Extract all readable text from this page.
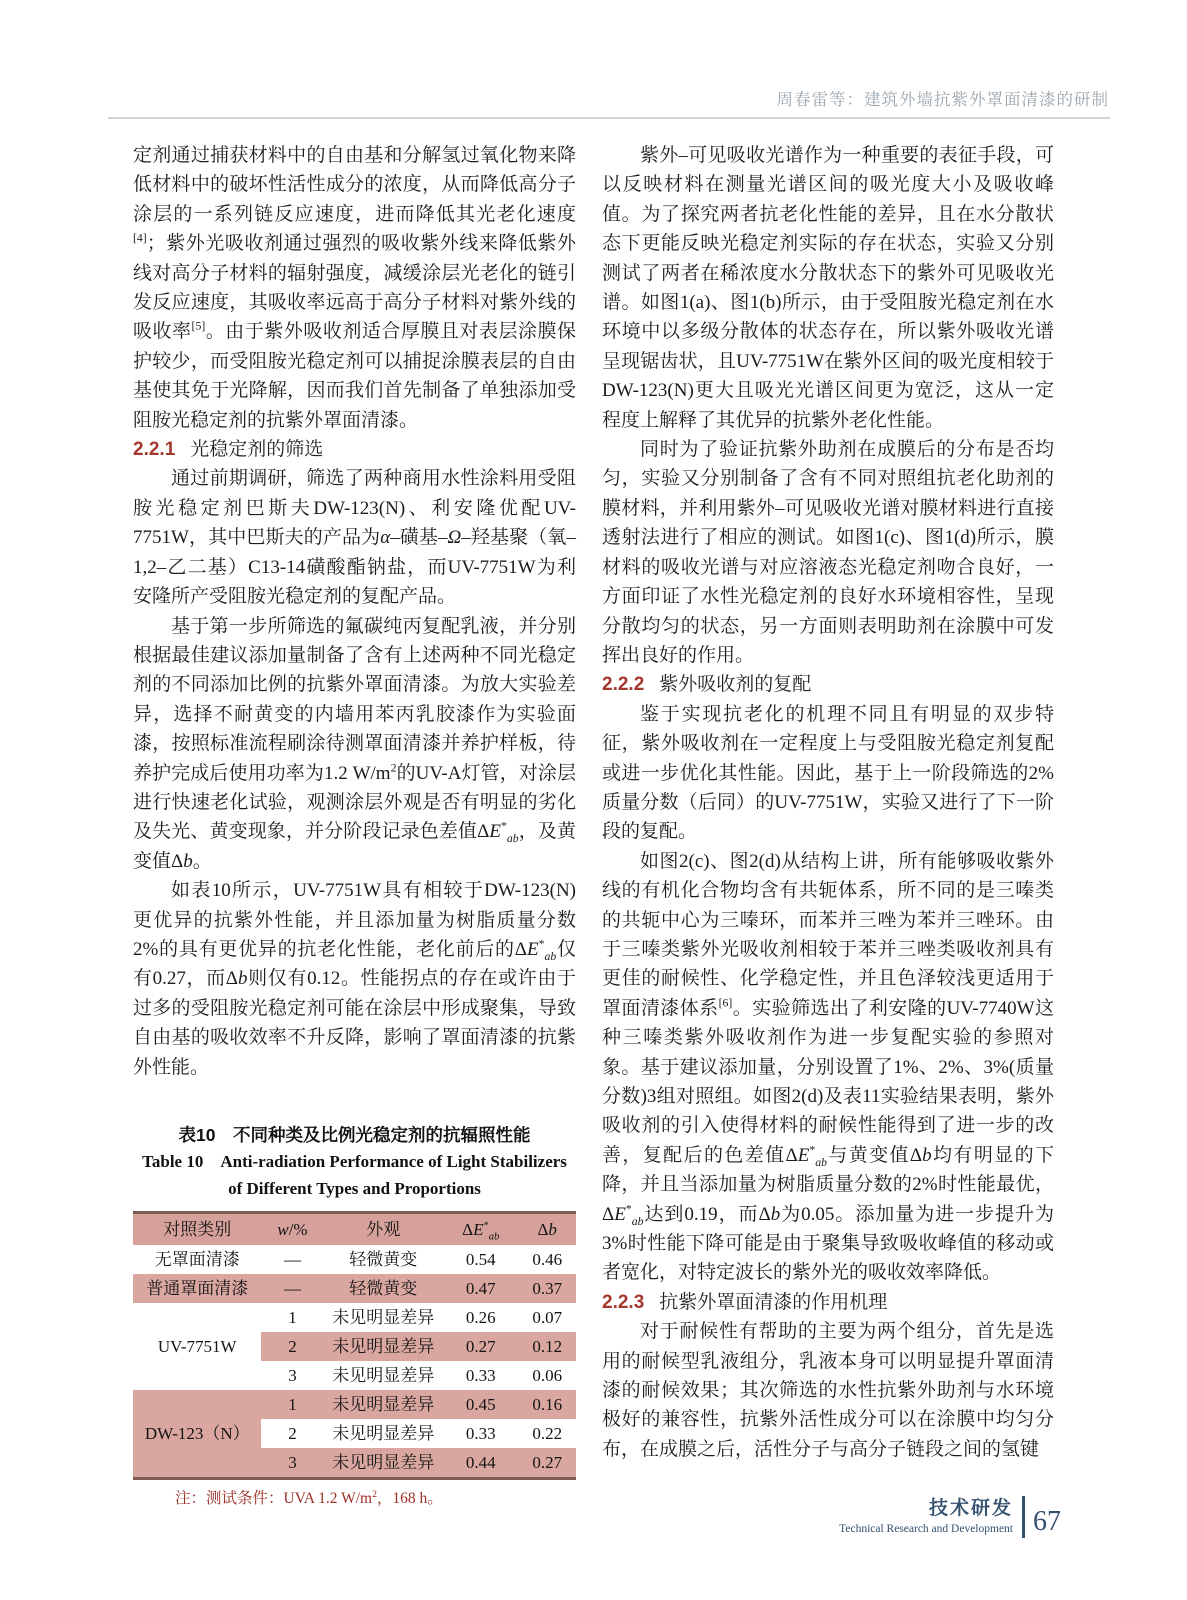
周春雷等：建筑外墙抗紫外罩面清漆的研制

定剂通过捕获材料中的自由基和分解氢过氧化物来降低材料中的破坏性活性成分的浓度，从而降低高分子涂层的一系列链反应速度，进而降低其光老化速度[4]；紫外光吸收剂通过强烈的吸收紫外线来降低紫外线对高分子材料的辐射强度，减缓涂层光老化的链引发反应速度，其吸收率远高于高分子材料对紫外线的吸收率[5]。由于紫外吸收剂适合厚膜且对表层涂膜保护较少，而受阻胺光稳定剂可以捕捉涂膜表层的自由基使其免于光降解，因而我们首先制备了单独添加受阻胺光稳定剂的抗紫外罩面清漆。

2.2.1 光稳定剂的筛选

通过前期调研，筛选了两种商用水性涂料用受阻胺光稳定剂巴斯夫DW-123(N)、利安隆优配UV-7751W，其中巴斯夫的产品为α–磺基–Ω–羟基聚（氧–1,2–乙二基）C13-14磺酸酯钠盐，而UV-7751W为利安隆所产受阻胺光稳定剂的复配产品。

基于第一步所筛选的氟碳纯丙复配乳液，并分别根据最佳建议添加量制备了含有上述两种不同光稳定剂的不同添加比例的抗紫外罩面清漆。为放大实验差异，选择不耐黄变的内墙用苯丙乳胶漆作为实验面漆，按照标准流程刷涂待测罩面清漆并养护样板，待养护完成后使用功率为1.2 $W/m^2$的UV-A灯管，对涂层进行快速老化试验，观测涂层外观是否有明显的劣化及失光、黄变现象，并分阶段记录色差值$\Delta E^*_{ab}$，及黄变值Δb。

如表10所示，UV-7751W具有相较于DW-123(N)更优异的抗紫外性能，并且添加量为树脂质量分数2%的具有更优异的抗老化性能，老化前后的$\Delta E^*_{ab}$仅有0.27，而Δb则仅有0.12。性能拐点的存在或许由于过多的受阻胺光稳定剂可能在涂层中形成聚集，导致自由基的吸收效率不升反降，影响了罩面清漆的抗紫外性能。

表10　不同种类及比例光稳定剂的抗辐照性能
Table 10　Anti-radiation Performance of Light Stabilizers
of Different Types and Proportions
对照类别	w/%	外观	$\Delta E^*_{ab}$	Δb
无罩面清漆	—	轻微黄变	0.54	0.46
普通罩面清漆	—	轻微黄变	0.47	0.37
UV-7751W	1	未见明显差异	0.26	0.07
	2	未见明显差异	0.27	0.12
	3	未见明显差异	0.33	0.06
DW-123（N）	1	未见明显差异	0.45	0.16
	2	未见明显差异	0.33	0.22
	3	未见明显差异	0.44	0.27
注：测试条件：UVA 1.2 $W/m^2$，168 h。

紫外–可见吸收光谱作为一种重要的表征手段，可以反映材料在测量光谱区间的吸光度大小及吸收峰值。为了探究两者抗老化性能的差异，且在水分散状态下更能反映光稳定剂实际的存在状态，实验又分别测试了两者在稀浓度水分散状态下的紫外可见吸收光谱。如图1(a)、图1(b)所示，由于受阻胺光稳定剂在水环境中以多级分散体的状态存在，所以紫外吸收光谱呈现锯齿状，且UV-7751W在紫外区间的吸光度相较于DW-123(N)更大且吸光光谱区间更为宽泛，这从一定程度上解释了其优异的抗紫外老化性能。

同时为了验证抗紫外助剂在成膜后的分布是否均匀，实验又分别制备了含有不同对照组抗老化助剂的膜材料，并利用紫外–可见吸收光谱对膜材料进行直接透射法进行了相应的测试。如图1(c)、图1(d)所示，膜材料的吸收光谱与对应溶液态光稳定剂吻合良好，一方面印证了水性光稳定剂的良好水环境相容性，呈现分散均匀的状态，另一方面则表明助剂在涂膜中可发挥出良好的作用。

2.2.2 紫外吸收剂的复配

鉴于实现抗老化的机理不同且有明显的双步特征，紫外吸收剂在一定程度上与受阻胺光稳定剂复配或进一步优化其性能。因此，基于上一阶段筛选的2%质量分数（后同）的UV-7751W，实验又进行了下一阶段的复配。

如图2(c)、图2(d)从结构上讲，所有能够吸收紫外线的有机化合物均含有共轭体系，所不同的是三嗪类的共轭中心为三嗪环，而苯并三唑为苯并三唑环。由于三嗪类紫外光吸收剂相较于苯并三唑类吸收剂具有更佳的耐候性、化学稳定性，并且色泽较浅更适用于罩面清漆体系[6]。实验筛选出了利安隆的UV-7740W这种三嗪类紫外吸收剂作为进一步复配实验的参照对象。基于建议添加量，分别设置了1%、2%、3%(质量分数)3组对照组。如图2(d)及表11实验结果表明，紫外吸收剂的引入使得材料的耐候性能得到了进一步的改善，复配后的色差值$\Delta E^*_{ab}$与黄变值Δb均有明显的下降，并且当添加量为树脂质量分数的2%时性能最优，$\Delta E^*_{ab}$达到0.19，而Δb为0.05。添加量为进一步提升为3%时性能下降可能是由于聚集导致吸收峰值的移动或者宽化，对特定波长的紫外光的吸收效率降低。

2.2.3 抗紫外罩面清漆的作用机理

对于耐候性有帮助的主要为两个组分，首先是选用的耐候型乳液组分，乳液本身可以明显提升罩面清漆的耐候效果；其次筛选的水性抗紫外助剂与水环境极好的兼容性，抗紫外活性成分可以在涂膜中均匀分布，在成膜之后，活性分子与高分子链段之间的氢键

技术研发
Technical Research and Development 67
